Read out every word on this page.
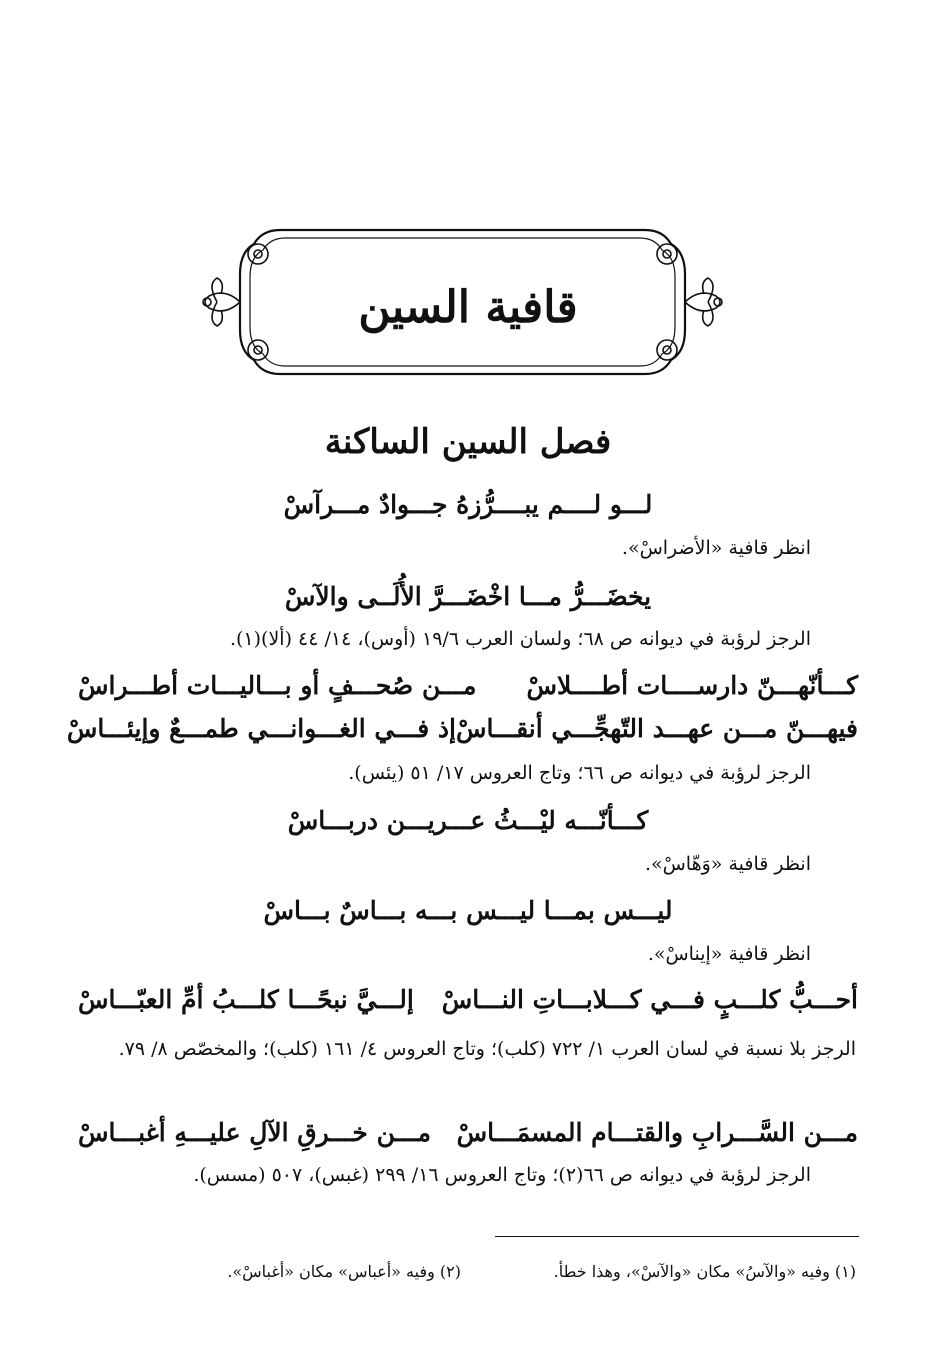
قافية السين
فصل السين الساكنة
لـــو لــــم يبــــرُّزهُ جـــوادٌ مـــرآسْ
انظر قافية «الأضراسْ».
يخضَـــرُّ مـــا اخْضَـــرَّ الأُلَــى والآسْ
الرجز لرؤبة في ديوانه ص ٦٨؛ ولسان العرب ١٩/٦ (أوس)، ١٤/ ٤٤ (ألا)(١).
كـــأنّهـــنّ دارســــات أطــــلاسْ
مـــن صُحـــفٍ أو بـــاليـــات أطـــراسْ
فيهـــنّ مـــن عهـــد التّهجِّـــي أنقـــاسْ
إذ فـــي الغـــوانـــي طمـــعٌ وإيئـــاسْ
الرجز لرؤبة في ديوانه ص ٦٦؛ وتاج العروس ١٧/ ٥١ (يئس).
كـــأنّـــه ليْـــثُ عـــريـــن دربـــاسْ
انظر قافية «وَهّاسْ».
ليـــس بمـــا ليـــس بـــه بـــاسٌ بـــاسْ
انظر قافية «إيناسْ».
أحـــبُّ كلـــبٍ فـــي كـــلابـــاتِ النـــاسْ
إلـــيَّ نبحًـــا كلـــبُ أمِّ العبّـــاسْ
الرجز بلا نسبة في لسان العرب ١/ ٧٢٢ (كلب)؛ وتاج العروس ٤/ ١٦١ (كلب)؛ والمخصّص ٨/ ٧٩.
مـــن السَّـــرابِ والقتـــام المسمَـــاسْ
مـــن خـــرقِ الآلِ عليـــهِ أغبـــاسْ
الرجز لرؤبة في ديوانه ص ٦٦(٢)؛ وتاج العروس ١٦/ ٢٩٩ (غبس)، ٥٠٧ (مسس).
(١) وفيه «والآسُ» مكان «والآسْ»، وهذا خطأ.
(٢) وفيه «أعباس» مكان «أغباسْ».
